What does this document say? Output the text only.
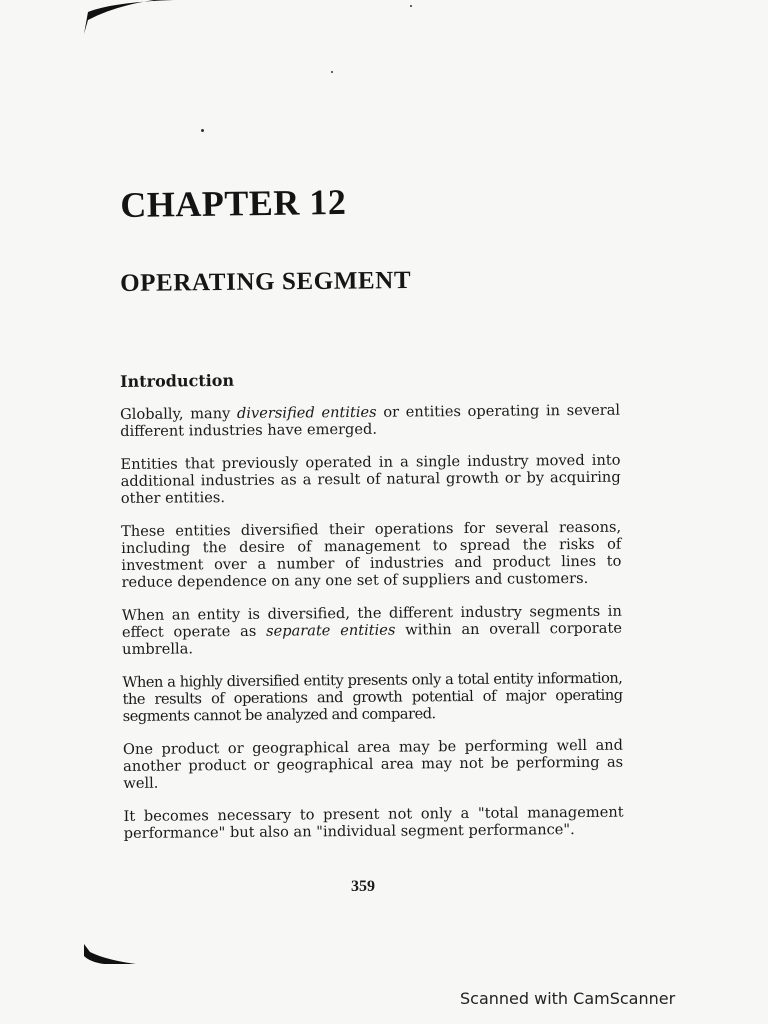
CHAPTER 12
OPERATING SEGMENT
Introduction

Globally, many diversified entities or entities operating in several different industries have emerged.

Entities that previously operated in a single industry moved into additional industries as a result of natural growth or by acquiring other entities.

These entities diversified their operations for several reasons, including the desire of management to spread the risks of investment over a number of industries and product lines to reduce dependence on any one set of suppliers and customers.

When an entity is diversified, the different industry segments in effect operate as separate entities within an overall corporate umbrella.

When a highly diversified entity presents only a total entity information, the results of operations and growth potential of major operating segments cannot be analyzed and compared.

One product or geographical area may be performing well and another product or geographical area may not be performing as well.

It becomes necessary to present not only a "total management performance" but also an "individual segment performance".

359

Scanned with CamScanner
